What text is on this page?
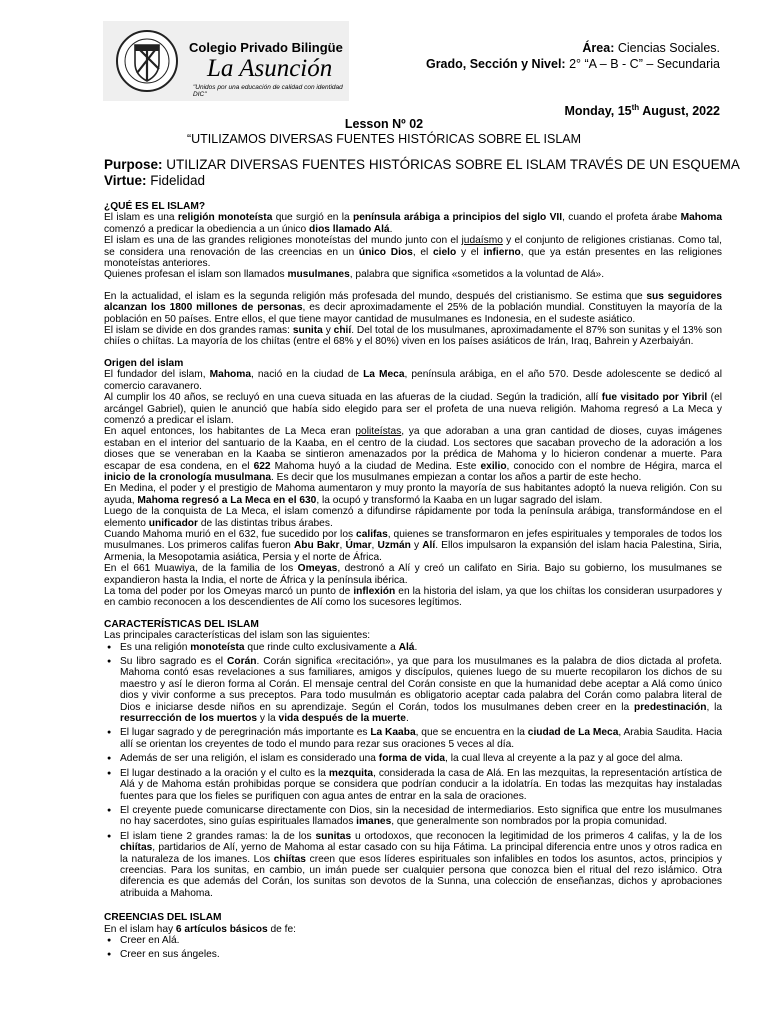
Colegio Privado Bilingüe
La Asunción
"Unidos por una educación de calidad con identidad DIC"
Área: Ciencias Sociales.
Grado, Sección y Nivel: 2° “A – B - C” – Secundaria
Monday, 15th August, 2022
Lesson Nº 02
“UTILIZAMOS DIVERSAS FUENTES HISTÓRICAS SOBRE EL ISLAM
Purpose: UTILIZAR DIVERSAS FUENTES HISTÓRICAS SOBRE EL ISLAM TRAVÉS DE UN ESQUEMA
Virtue: Fidelidad

¿QUÉ ES EL ISLAM?

El islam es una religión monoteísta que surgió en la península arábiga a principios del siglo VII, cuando el profeta árabe Mahoma comenzó a predicar la obediencia a un único dios llamado Alá.

El islam es una de las grandes religiones monoteístas del mundo junto con el judaísmo y el conjunto de religiones cristianas. Como tal, se considera una renovación de las creencias en un único Dios, el cielo y el infierno, que ya están presentes en las religiones monoteístas anteriores.

Quienes profesan el islam son llamados musulmanes, palabra que significa «sometidos a la voluntad de Alá».

En la actualidad, el islam es la segunda religión más profesada del mundo, después del cristianismo. Se estima que sus seguidores alcanzan los 1800 millones de personas, es decir aproximadamente el 25% de la población mundial. Constituyen la mayoría de la población en 50 países. Entre ellos, el que tiene mayor cantidad de musulmanes es Indonesia, en el sudeste asiático.

El islam se divide en dos grandes ramas: sunita y chií. Del total de los musulmanes, aproximadamente el 87% son sunitas y el 13% son chiíes o chiítas. La mayoría de los chiítas (entre el 68% y el 80%) viven en los países asiáticos de Irán, Iraq, Bahrein y Azerbaiyán.

Origen del islam

El fundador del islam, Mahoma, nació en la ciudad de La Meca, península arábiga, en el año 570. Desde adolescente se dedicó al comercio caravanero.

Al cumplir los 40 años, se recluyó en una cueva situada en las afueras de la ciudad. Según la tradición, allí fue visitado por Yibril (el arcángel Gabriel), quien le anunció que había sido elegido para ser el profeta de una nueva religión. Mahoma regresó a La Meca y comenzó a predicar el islam.

En aquel entonces, los habitantes de La Meca eran politeístas, ya que adoraban a una gran cantidad de dioses, cuyas imágenes estaban en el interior del santuario de la Kaaba, en el centro de la ciudad. Los sectores que sacaban provecho de la adoración a los dioses que se veneraban en la Kaaba se sintieron amenazados por la prédica de Mahoma y lo hicieron condenar a muerte. Para escapar de esa condena, en el 622 Mahoma huyó a la ciudad de Medina. Este exilio, conocido con el nombre de Hégira, marca el inicio de la cronología musulmana. Es decir que los musulmanes empiezan a contar los años a partir de este hecho.

En Medina, el poder y el prestigio de Mahoma aumentaron y muy pronto la mayoría de sus habitantes adoptó la nueva religión. Con su ayuda, Mahoma regresó a La Meca en el 630, la ocupó y transformó la Kaaba en un lugar sagrado del islam.

Luego de la conquista de La Meca, el islam comenzó a difundirse rápidamente por toda la península arábiga, transformándose en el elemento unificador de las distintas tribus árabes.

Cuando Mahoma murió en el 632, fue sucedido por los califas, quienes se transformaron en jefes espirituales y temporales de todos los musulmanes. Los primeros califas fueron Abu Bakr, Úmar, Uzmán y Alí. Ellos impulsaron la expansión del islam hacia Palestina, Siria, Armenia, la Mesopotamia asiática, Persia y el norte de África.

En el 661 Muawiya, de la familia de los Omeyas, destronó a Alí y creó un califato en Siria. Bajo su gobierno, los musulmanes se expandieron hasta la India, el norte de África y la península ibérica.

La toma del poder por los Omeyas marcó un punto de inflexión en la historia del islam, ya que los chiítas los consideran usurpadores y en cambio reconocen a los descendientes de Alí como los sucesores legítimos.

CARACTERÍSTICAS DEL ISLAM

Las principales características del islam son las siguientes:

● Es una religión monoteísta que rinde culto exclusivamente a Alá.
● Su libro sagrado es el Corán. Corán significa «recitación», ya que para los musulmanes es la palabra de dios dictada al profeta. Mahoma contó esas revelaciones a sus familiares, amigos y discípulos, quienes luego de su muerte recopilaron los dichos de su maestro y así le dieron forma al Corán. El mensaje central del Corán consiste en que la humanidad debe aceptar a Alá como único dios y vivir conforme a sus preceptos. Para todo musulmán es obligatorio aceptar cada palabra del Corán como palabra literal de Dios e iniciarse desde niños en su aprendizaje. Según el Corán, todos los musulmanes deben creer en la predestinación, la resurrección de los muertos y la vida después de la muerte.
● El lugar sagrado y de peregrinación más importante es La Kaaba, que se encuentra en la ciudad de La Meca, Arabia Saudita. Hacia allí se orientan los creyentes de todo el mundo para rezar sus oraciones 5 veces al día.
● Además de ser una religión, el islam es considerado una forma de vida, la cual lleva al creyente a la paz y al goce del alma.
● El lugar destinado a la oración y el culto es la mezquita, considerada la casa de Alá. En las mezquitas, la representación artística de Alá y de Mahoma están prohibidas porque se considera que podrían conducir a la idolatría. En todas las mezquitas hay instaladas fuentes para que los fieles se purifiquen con agua antes de entrar en la sala de oraciones.
● El creyente puede comunicarse directamente con Dios, sin la necesidad de intermediarios. Esto significa que entre los musulmanes no hay sacerdotes, sino guías espirituales llamados imanes, que generalmente son nombrados por la propia comunidad.
● El islam tiene 2 grandes ramas: la de los sunitas u ortodoxos, que reconocen la legitimidad de los primeros 4 califas, y la de los chiítas, partidarios de Alí, yerno de Mahoma al estar casado con su hija Fátima. La principal diferencia entre unos y otros radica en la naturaleza de los imanes. Los chiítas creen que esos líderes espirituales son infalibles en todos los asuntos, actos, principios y creencias. Para los sunitas, en cambio, un imán puede ser cualquier persona que conozca bien el ritual del rezo islámico. Otra diferencia es que además del Corán, los sunitas son devotos de la Sunna, una colección de enseñanzas, dichos y aprobaciones atribuida a Mahoma.

CREENCIAS DEL ISLAM

En el islam hay 6 artículos básicos de fe:

● Creer en Alá.
● Creer en sus ángeles.
